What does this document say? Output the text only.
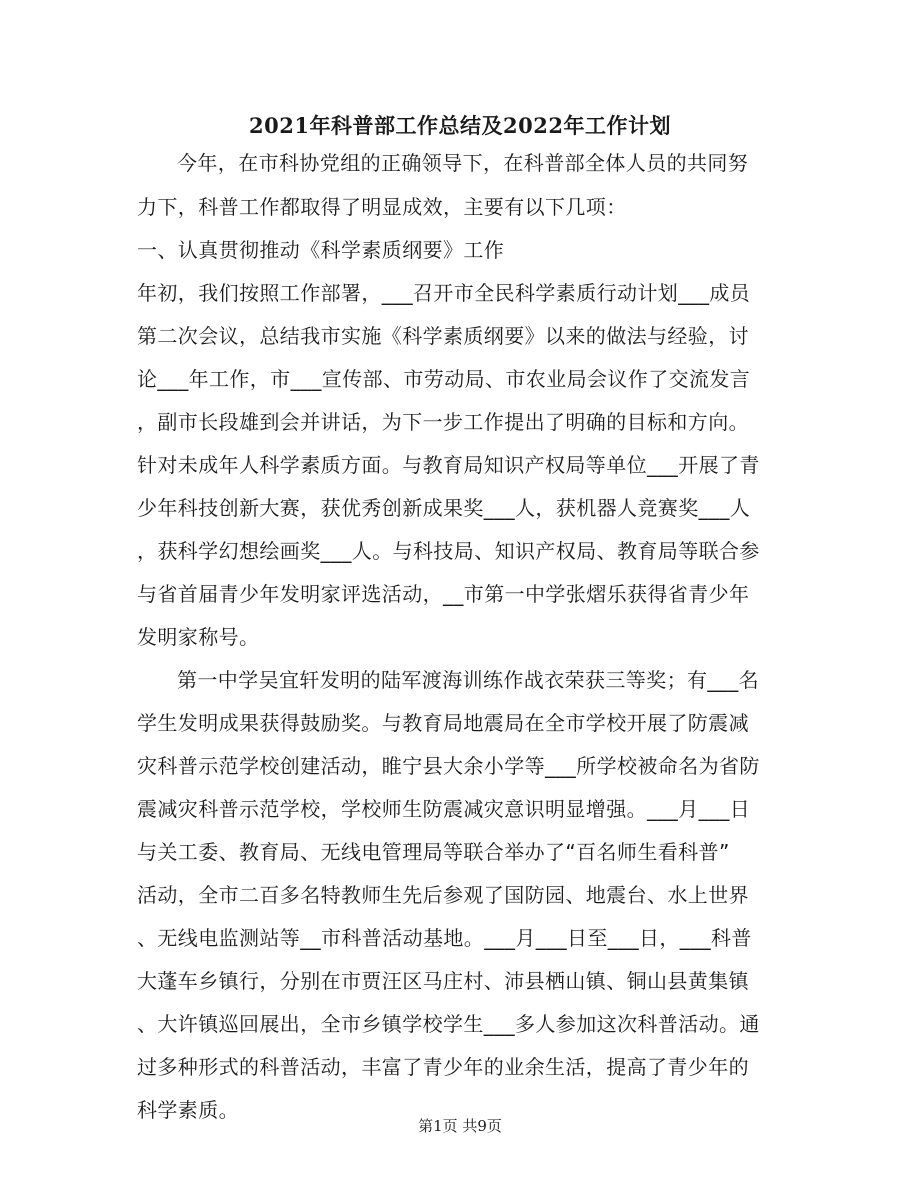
2021年科普部工作总结及2022年工作计划
今年，在市科协党组的正确领导下，在科普部全体人员的共同努
力下，科普工作都取得了明显成效，主要有以下几项：
一、认真贯彻推动《科学素质纲要》工作
年初，我们按照工作部署，___召开市全民科学素质行动计划___成员
第二次会议，总结我市实施《科学素质纲要》以来的做法与经验，讨
论___年工作，市___宣传部、市劳动局、市农业局会议作了交流发言
，副市长段雄到会并讲话，为下一步工作提出了明确的目标和方向。
针对未成年人科学素质方面。与教育局知识产权局等单位___开展了青
少年科技创新大赛，获优秀创新成果奖___人，获机器人竞赛奖___人
，获科学幻想绘画奖___人。与科技局、知识产权局、教育局等联合参
与省首届青少年发明家评选活动，__市第一中学张熠乐获得省青少年
发明家称号。
第一中学吴宜轩发明的陆军渡海训练作战衣荣获三等奖；有___名
学生发明成果获得鼓励奖。与教育局地震局在全市学校开展了防震减
灾科普示范学校创建活动，睢宁县大余小学等___所学校被命名为省防
震减灾科普示范学校，学校师生防震减灾意识明显增强。___月___日
与关工委、教育局、无线电管理局等联合举办了“百名师生看科普”
活动，全市二百多名特教师生先后参观了国防园、地震台、水上世界
、无线电监测站等__市科普活动基地。___月___日至___日，___科普
大蓬车乡镇行，分别在市贾汪区马庄村、沛县栖山镇、铜山县黄集镇
、大许镇巡回展出，全市乡镇学校学生___多人参加这次科普活动。通
过多种形式的科普活动，丰富了青少年的业余生活，提高了青少年的
科学素质。
第1页 共9页
